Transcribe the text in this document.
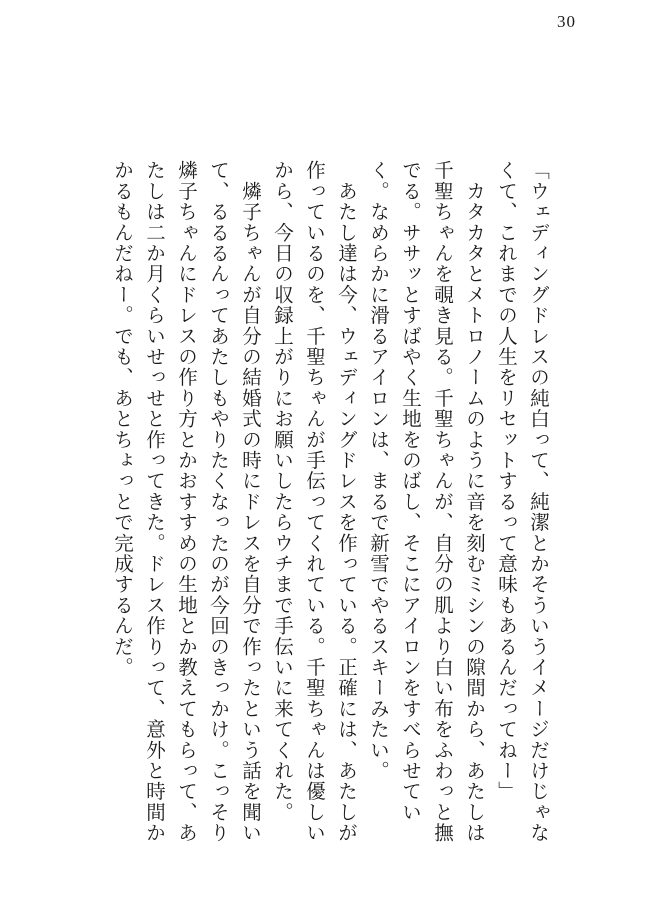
30

「ウェディングドレスの純白って、純潔とかそういうイメージだけじゃなくて、これまでの人生をリセットするって意味もあるんだってねー」

　カタカタとメトロノームのように音を刻むミシンの隙間から、あたしは千聖ちゃんを覗き見る。千聖ちゃんが、自分の肌より白い布をふわっと撫でる。ササッとすばやく生地をのばし、そこにアイロンをすべらせていく。なめらかに滑るアイロンは、まるで新雪でやるスキーみたい。

　あたし達は今、ウェディングドレスを作っている。正確には、あたしが作っているのを、千聖ちゃんが手伝ってくれている。千聖ちゃんは優しいから、今日の収録上がりにお願いしたらウチまで手伝いに来てくれた。

　燐子ちゃんが自分の結婚式の時にドレスを自分で作ったという話を聞いて、るるるんってあたしもやりたくなったのが今回のきっかけ。こっそり燐子ちゃんにドレスの作り方とかおすすめの生地とか教えてもらって、あたしは二か月くらいせっせと作ってきた。ドレス作りって、意外と時間かかるもんだねー。でも、あとちょっとで完成するんだ。
